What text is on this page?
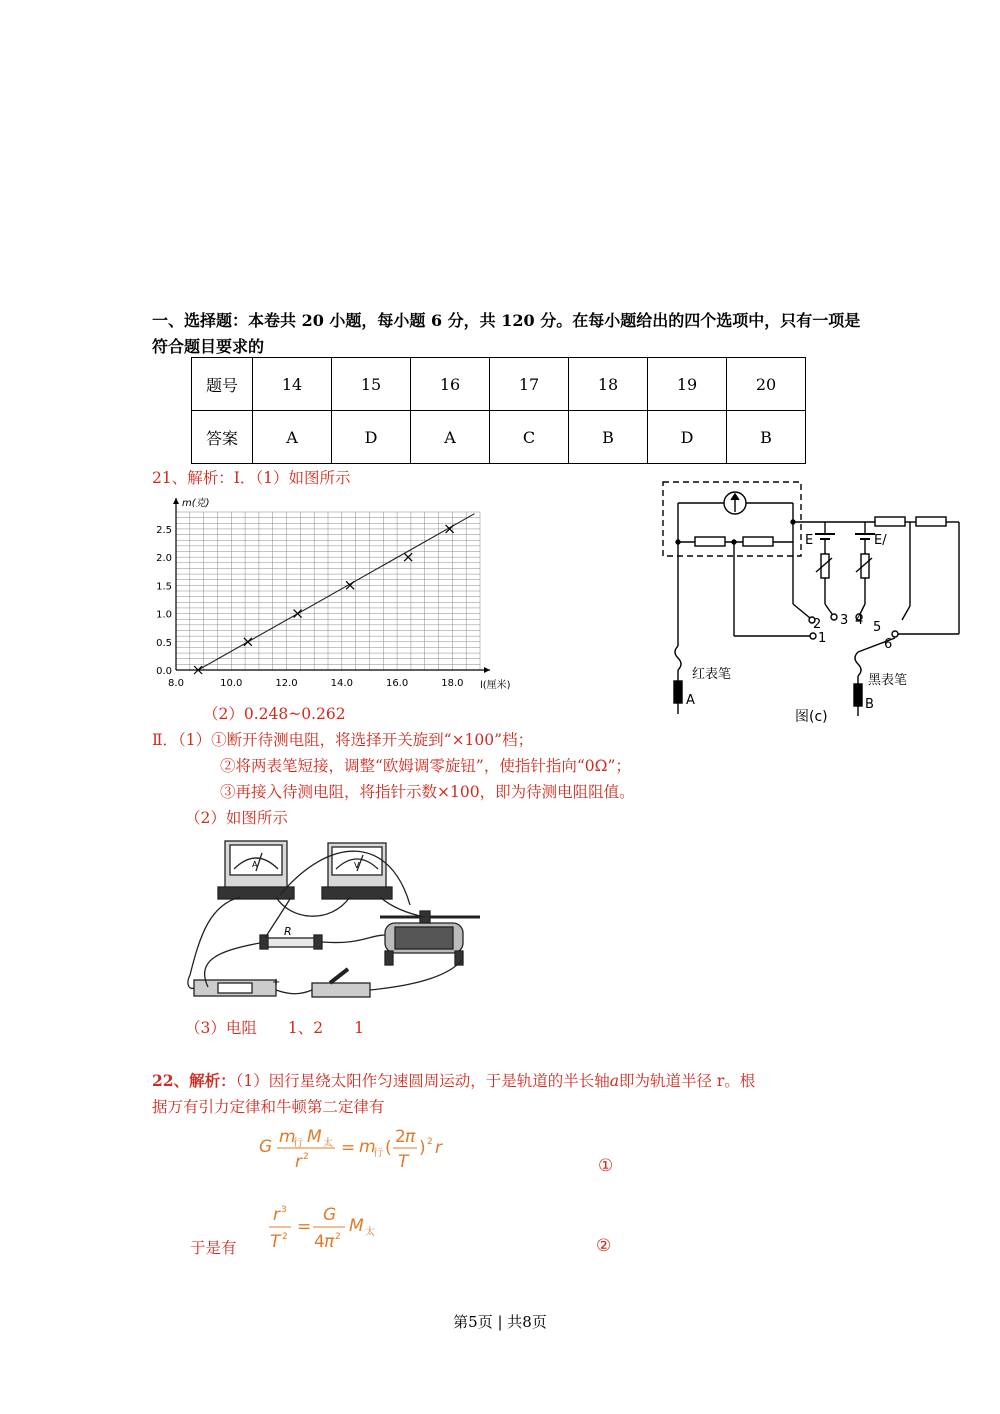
一、选择题：本卷共 20 小题，每小题 6 分，共 120 分。在每小题给出的四个选项中，只有一项是符合题目要求的
题号	14	15	16	17	18	19	20
答案	A	D	A	C	B	D	B
21、解析：Ⅰ．（1）如图所示
8.0	10.0	12.0	14.0	16.0	18.0
0.0
0.5
1.0
1.5
2.0
2.5
m(克)
l(厘米)
（2）0.248~0.262
Ⅱ．（1）①断开待测电阻，将选择开关旋到“×100”档；
②将两表笔短接，调整“欧姆调零旋钮”，使指针指向“0Ω”；
③再接入待测电阻，将指针示数×100，即为待测电阻阻值。
（2）如图所示
E	E/
1
2 3 4 5
6
红表笔	黑表笔
A	B
图(c)
A	V
R
+
（3）电阻　　1、2　　1
22、解析：（1）因行星绕太阳作匀速圆周运动，于是轨道的半长轴a即为轨道半径 r。根
据万有引力定律和牛顿第二定律有
G m
行 M 太
r 2 = m
行 (
2 π
T
) 2 r
①
于是有
r 3
T 2 =
G
4 π 2
M 太
②
第5页 | 共8页
